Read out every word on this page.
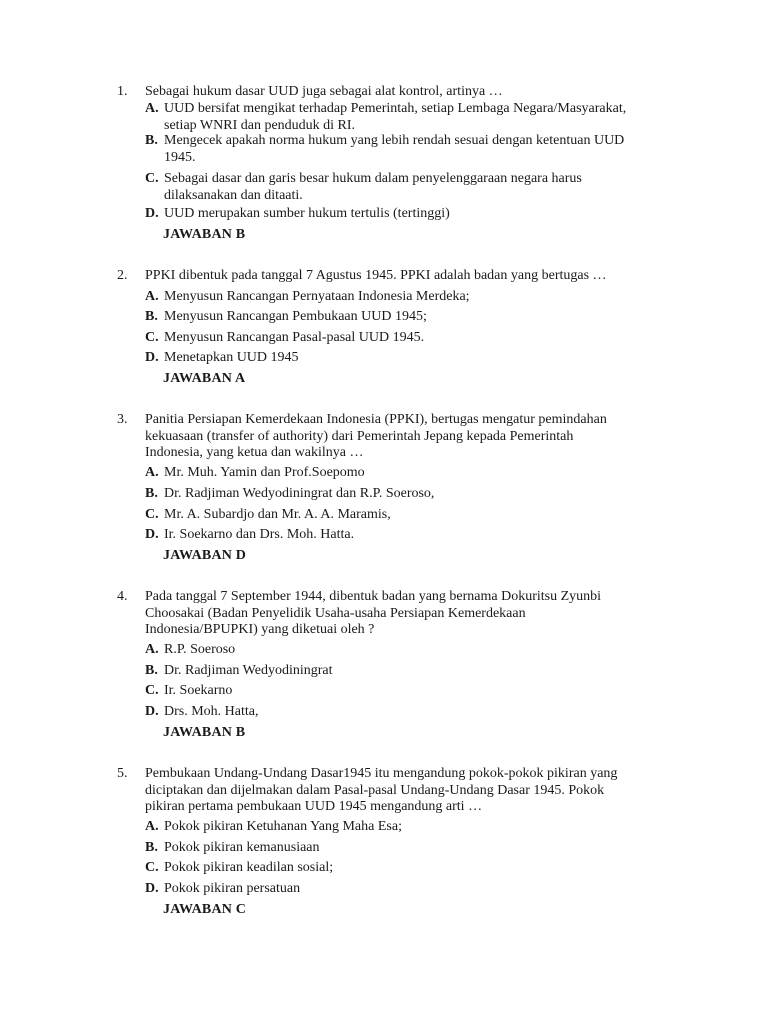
1. Sebagai hukum dasar UUD juga sebagai alat kontrol, artinya …
A. UUD bersifat mengikat terhadap Pemerintah, setiap Lembaga Negara/Masyarakat,
setiap WNRI dan penduduk di RI.
B. Mengecek apakah norma hukum yang lebih rendah sesuai dengan ketentuan UUD
1945.
C. Sebagai dasar dan garis besar hukum dalam penyelenggaraan negara harus
dilaksanakan dan ditaati.
D. UUD merupakan sumber hukum tertulis (tertinggi)
JAWABAN B
2. PPKI dibentuk pada tanggal 7 Agustus 1945. PPKI adalah badan yang bertugas …
A. Menyusun Rancangan Pernyataan Indonesia Merdeka;
B. Menyusun Rancangan Pembukaan UUD 1945;
C. Menyusun Rancangan Pasal-pasal UUD 1945.
D. Menetapkan UUD 1945
JAWABAN A
3. Panitia Persiapan Kemerdekaan Indonesia (PPKI), bertugas mengatur pemindahan
kekuasaan (transfer of authority) dari Pemerintah Jepang kepada Pemerintah
Indonesia, yang ketua dan wakilnya …
A. Mr. Muh. Yamin dan Prof.Soepomo
B. Dr. Radjiman Wedyodiningrat dan R.P. Soeroso,
C. Mr. A. Subardjo dan Mr. A. A. Maramis,
D. Ir. Soekarno dan Drs. Moh. Hatta.
JAWABAN D
4. Pada tanggal 7 September 1944, dibentuk badan yang bernama Dokuritsu Zyunbi
Choosakai (Badan Penyelidik Usaha-usaha Persiapan Kemerdekaan
Indonesia/BPUPKI) yang diketuai oleh ?
A. R.P. Soeroso
B. Dr. Radjiman Wedyodiningrat
C. Ir. Soekarno
D. Drs. Moh. Hatta,
JAWABAN B
5. Pembukaan Undang-Undang Dasar1945 itu mengandung pokok-pokok pikiran yang
diciptakan dan dijelmakan dalam Pasal-pasal Undang-Undang Dasar 1945. Pokok
pikiran pertama pembukaan UUD 1945 mengandung arti …
A. Pokok pikiran Ketuhanan Yang Maha Esa;
B. Pokok pikiran kemanusiaan
C. Pokok pikiran keadilan sosial;
D. Pokok pikiran persatuan
JAWABAN C
